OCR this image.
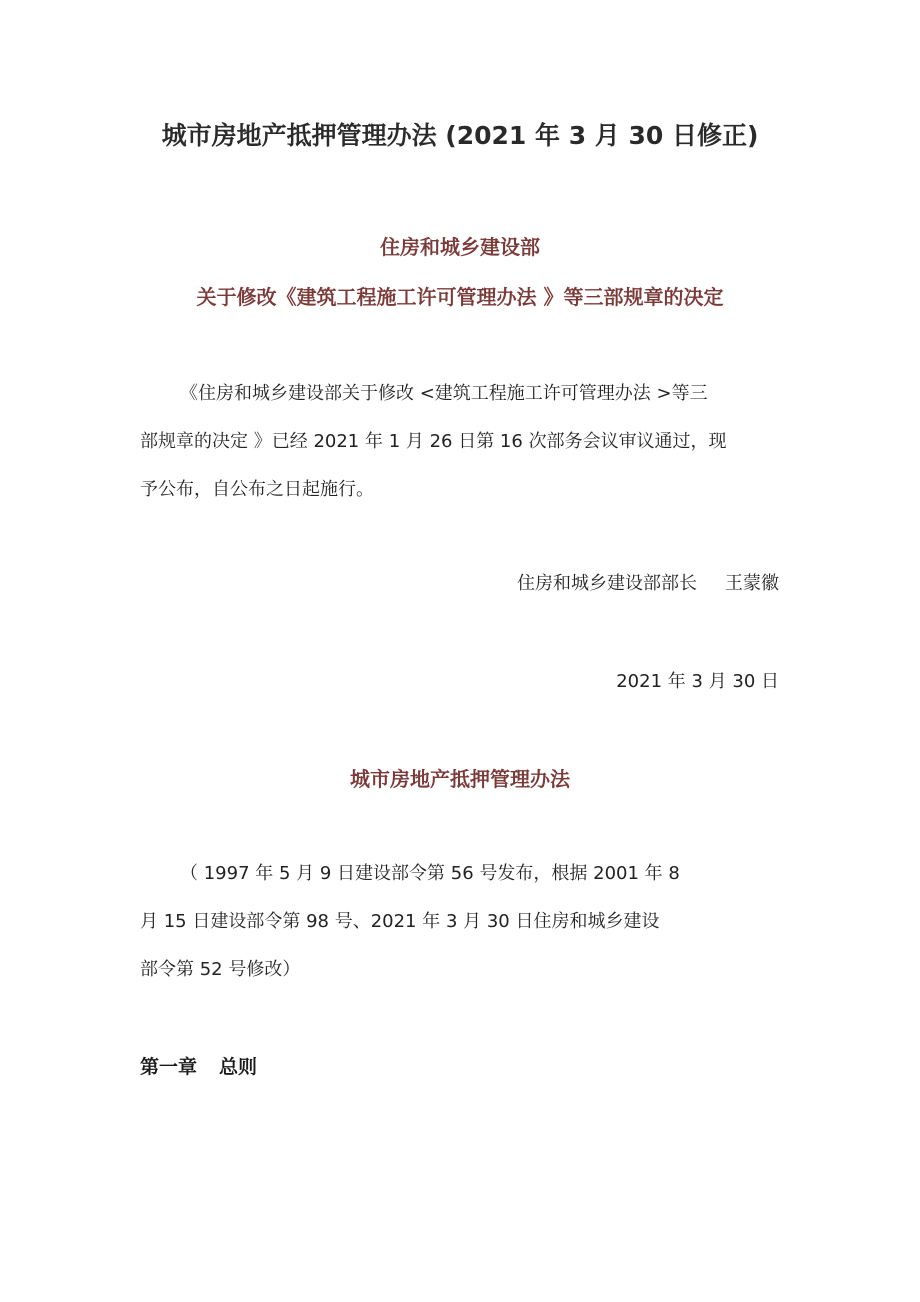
城市房地产抵押管理办法 (2021 年 3 月 30 日修正)
住房和城乡建设部
关于修改《建筑工程施工许可管理办法 》等三部规章的决定
《住房和城乡建设部关于修改 <建筑工程施工许可管理办法 >等三
部规章的决定 》已经 2021 年 1 月 26 日第 16 次部务会议审议通过，现
予公布，自公布之日起施行。
住房和城乡建设部部长 王蒙徽
2021 年 3 月 30 日
城市房地产抵押管理办法
（ 1997 年 5 月 9 日建设部令第 56 号发布，根据 2001 年 8
月 15 日建设部令第 98 号、2021 年 3 月 30 日住房和城乡建设
部令第 52 号修改）
第一章 总则
